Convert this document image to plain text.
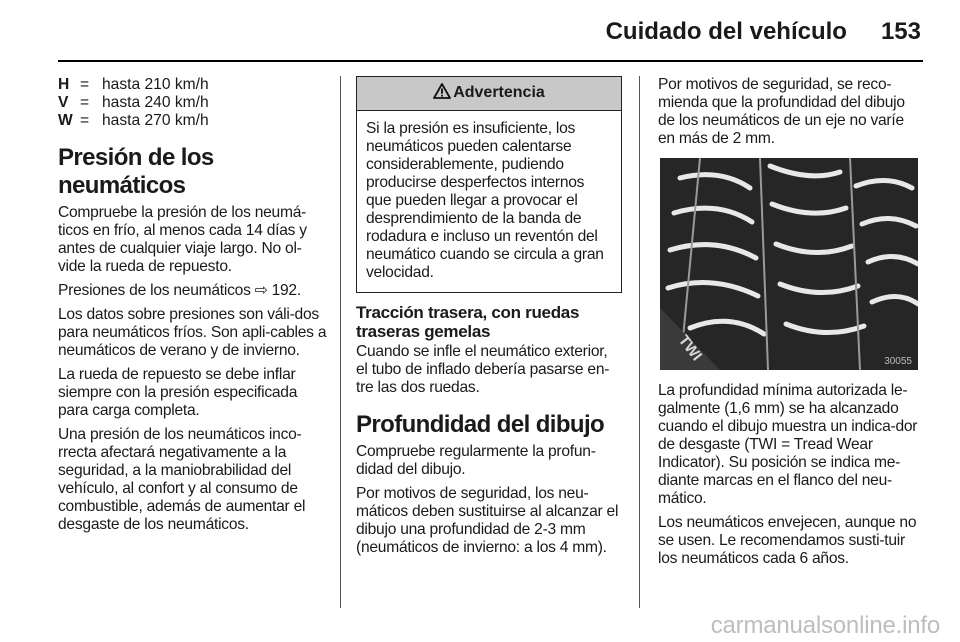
Cuidado del vehículo 153
H = hasta 210 km/h
V = hasta 240 km/h
W = hasta 270 km/h
Presión de los neumáticos

Compruebe la presión de los neumá-ticos en frío, al menos cada 14 días y antes de cualquier viaje largo. No ol-vide la rueda de repuesto.

Presiones de los neumáticos ⇨ 192.

Los datos sobre presiones son váli-dos para neumáticos fríos. Son apli-cables a neumáticos de verano y de invierno.

La rueda de repuesto se debe inflar siempre con la presión especificada para carga completa.

Una presión de los neumáticos inco-rrecta afectará negativamente a la seguridad, a la maniobrabilidad del vehículo, al confort y al consumo de combustible, además de aumentar el desgaste de los neumáticos.

Advertencia
Si la presión es insuficiente, los neumáticos pueden calentarse considerablemente, pudiendo producirse desperfectos internos que pueden llegar a provocar el desprendimiento de la banda de rodadura e incluso un reventón del neumático cuando se circula a gran velocidad.
Tracción trasera, con ruedas traseras gemelas

Cuando se infle el neumático exterior, el tubo de inflado debería pasarse en-tre las dos ruedas.

Profundidad del dibujo

Compruebe regularmente la profun-didad del dibujo.

Por motivos de seguridad, los neu-máticos deben sustituirse al alcanzar el dibujo una profundidad de 2-3 mm (neumáticos de invierno: a los 4 mm).

Por motivos de seguridad, se reco-mienda que la profundidad del dibujo de los neumáticos de un eje no varíe en más de 2 mm.

TWI	30055

La profundidad mínima autorizada le-galmente (1,6 mm) se ha alcanzado cuando el dibujo muestra un indica-dor de desgaste (TWI = Tread Wear Indicator). Su posición se indica me-diante marcas en el flanco del neu-mático.

Los neumáticos envejecen, aunque no se usen. Le recomendamos susti-tuir los neumáticos cada 6 años.

carmanualsonline.info
